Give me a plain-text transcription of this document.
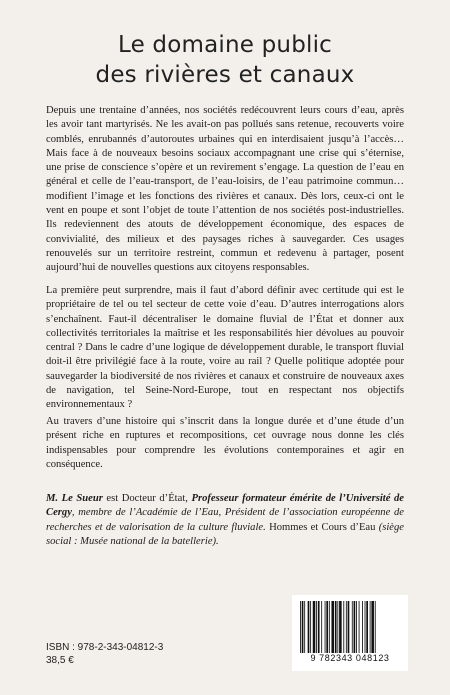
Le domaine public
des rivières et canaux
Depuis une trentaine d’années, nos sociétés redécouvrent leurs cours d’eau, après les avoir tant martyrisés. Ne les avait-on pas pollués sans retenue, recouverts voire comblés, enrubannés d’autoroutes urbaines qui en interdisaient jusqu’à l’accès… Mais face à de nouveaux besoins sociaux accompagnant une crise qui s’éternise, une prise de conscience s’opère et un revirement s’engage. La question de l’eau en général et celle de l’eau-transport, de l’eau-loisirs, de l’eau patrimoine commun… modifient l’image et les fonctions des rivières et canaux. Dès lors, ceux-ci ont le vent en poupe et sont l’objet de toute l’attention de nos sociétés post-industrielles. Ils redeviennent des atouts de développement économique, des espaces de convivialité, des milieux et des paysages riches à sauvegarder. Ces usages renouvelés sur un territoire restreint, commun et redevenu à partager, posent aujourd’hui de nouvelles questions aux citoyens responsables.
La première peut surprendre, mais il faut d’abord définir avec certitude qui est le propriétaire de tel ou tel secteur de cette voie d’eau. D’autres interrogations alors s’enchaînent. Faut-il décentraliser le domaine fluvial de l’État et donner aux collectivités territoriales la maîtrise et les responsabilités hier dévolues au pouvoir central ? Dans le cadre d’une logique de développement durable, le transport fluvial doit-il être privilégié face à la route, voire au rail ? Quelle politique adoptée pour sauvegarder la biodiversité de nos rivières et canaux et construire de nouveaux axes de navigation, tel Seine-Nord-Europe, tout en respectant nos objectifs environnementaux ?
Au travers d’une histoire qui s’inscrit dans la longue durée et d’une étude d’un présent riche en ruptures et recompositions, cet ouvrage nous donne les clés indispensables pour comprendre les évolutions contemporaines et agir en conséquence.
M. Le Sueur est Docteur d’État, Professeur formateur émérite de l’Université de Cergy, membre de l’Académie de l’Eau, Président de l’association européenne de recherches et de valorisation de la culture fluviale. Hommes et Cours d’Eau (siège social : Musée national de la batellerie).
ISBN : 978-2-343-04812-3
38,5 €	9 782343 048123
